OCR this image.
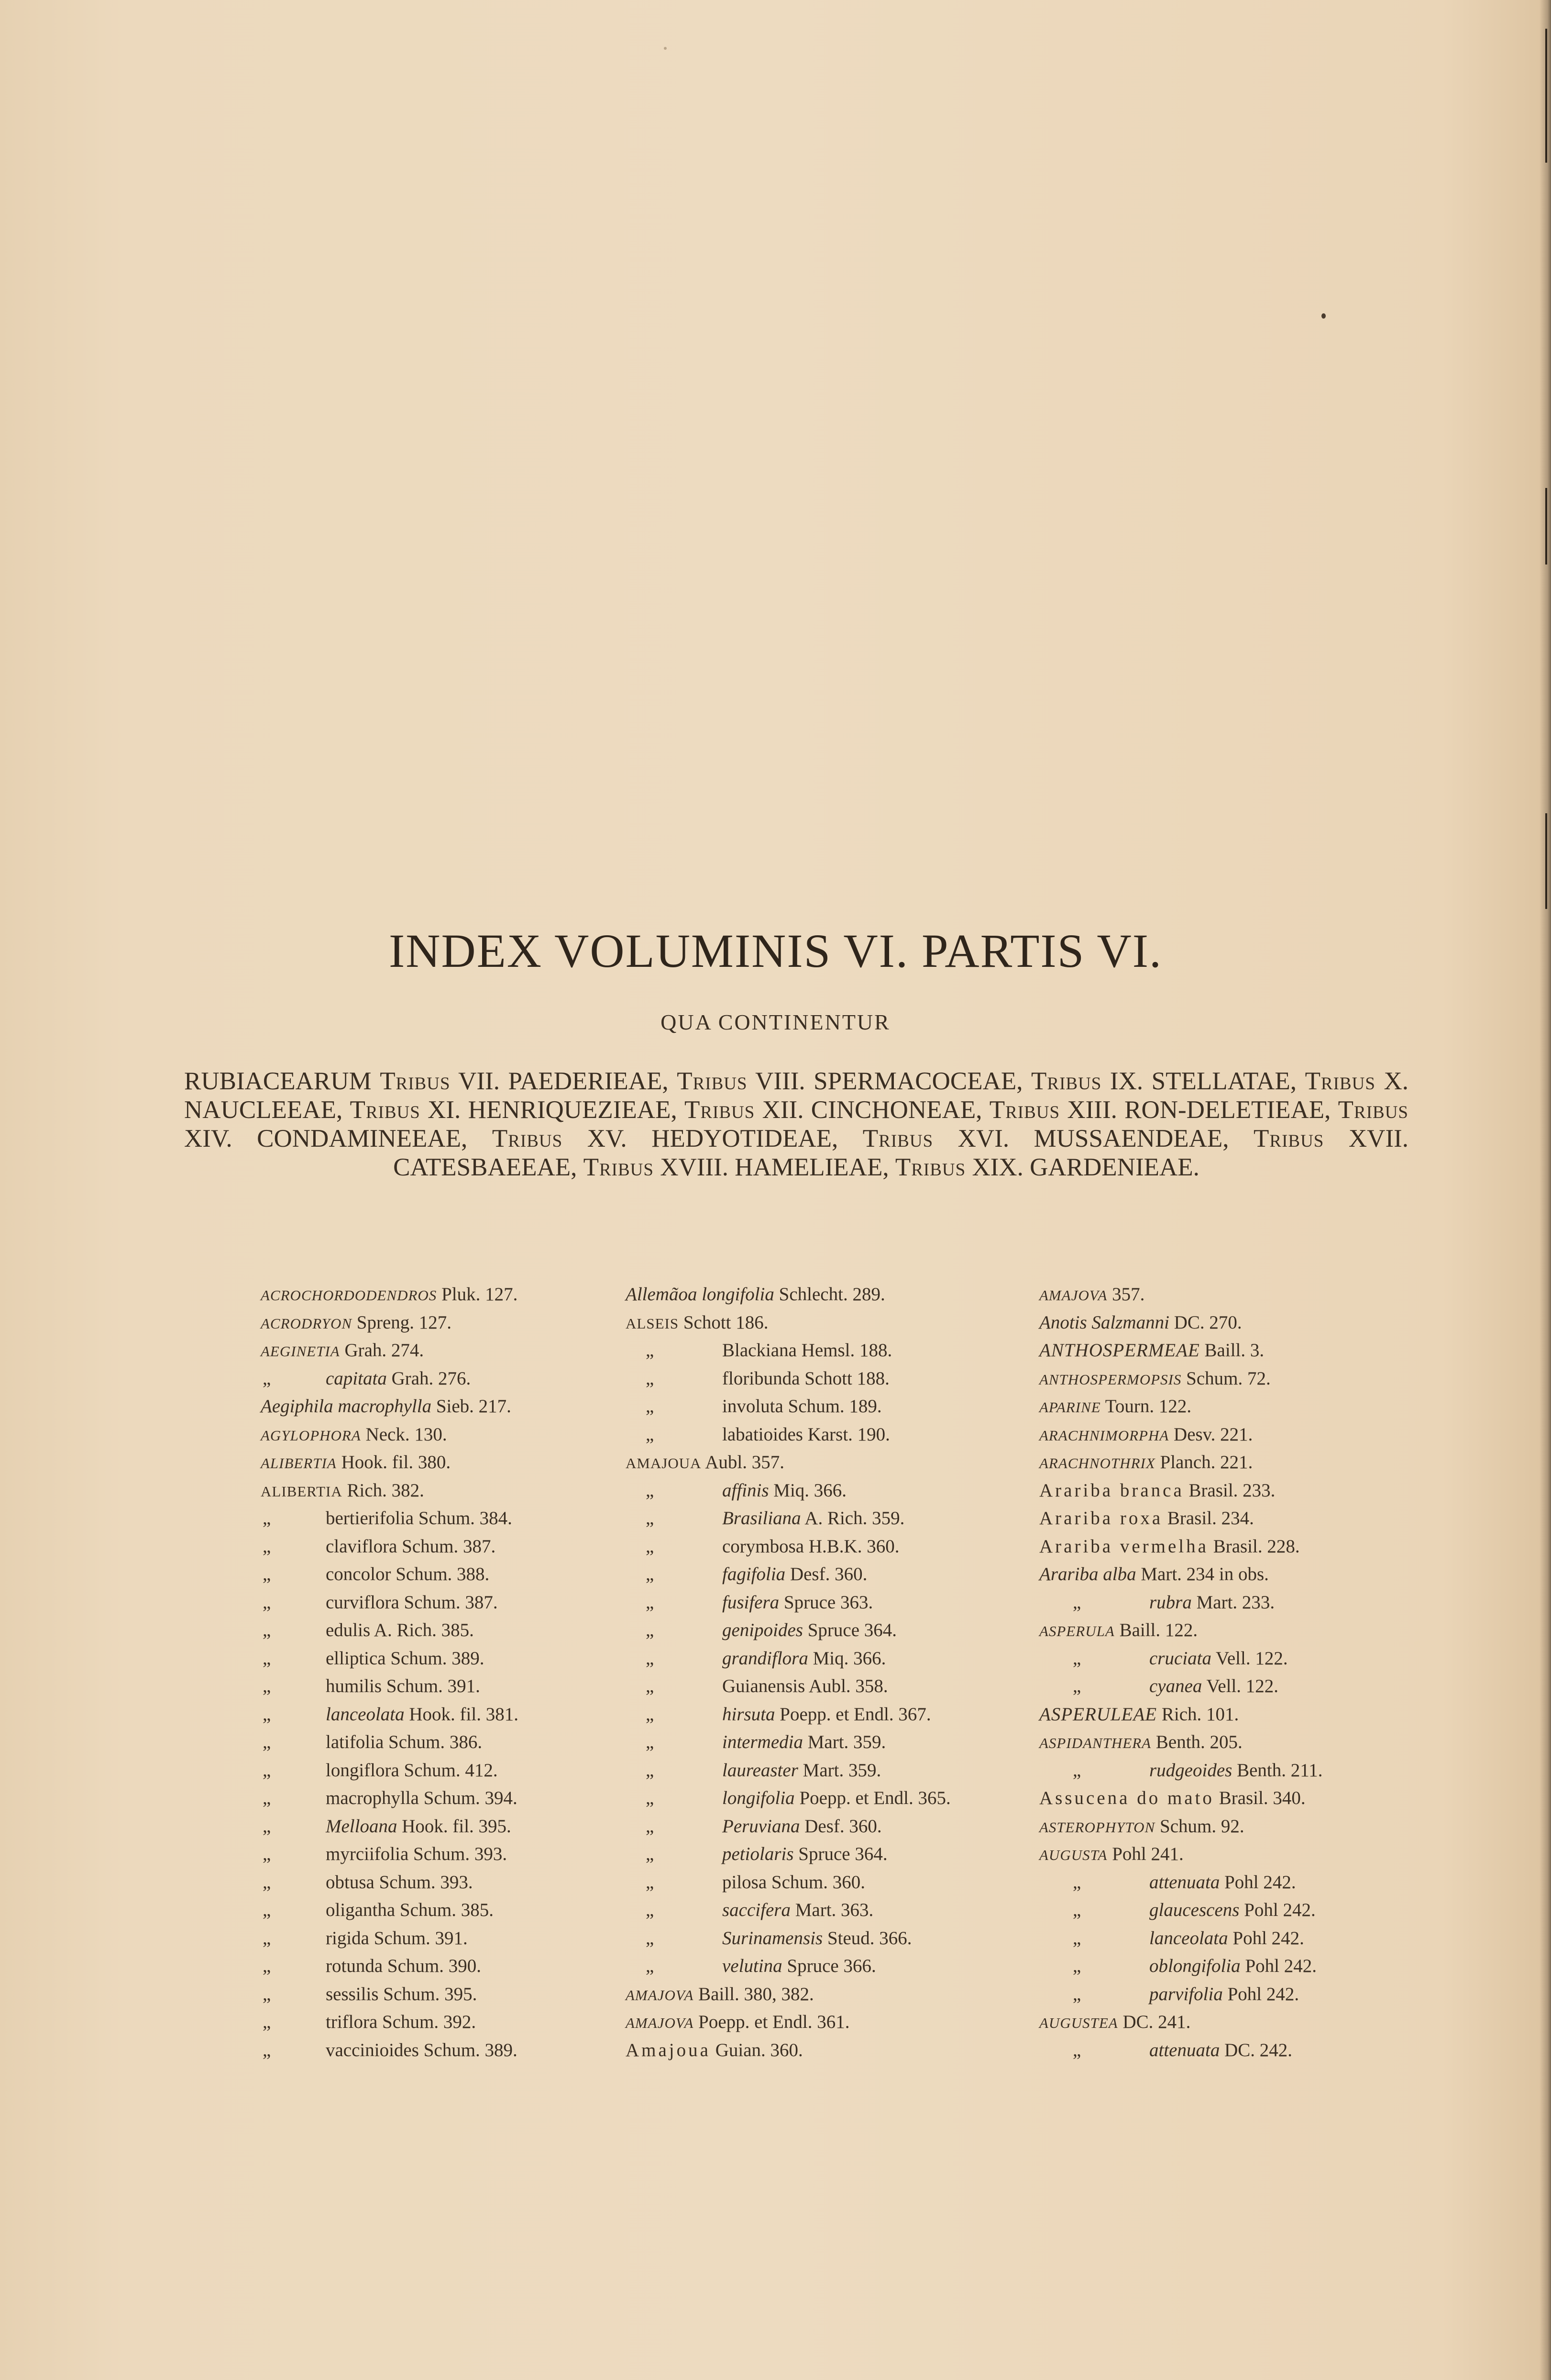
INDEX VOLUMINIS VI. PARTIS VI.
QUA CONTINENTUR
RUBIACEARUM Tribus VII. PAEDERIEAE, Tribus VIII. SPERMACOCEAE, Tribus IX. STELLATAE, Tribus X. NAUCLEEAE, Tribus XI. HENRIQUEZIEAE, Tribus XII. CINCHONEAE, Tribus XIII. RON-DELETIEAE, Tribus XIV. CONDAMINEEAE, Tribus XV. HEDYOTIDEAE, Tribus XVI. MUSSAENDEAE, Tribus XVII. CATESBAEEAE, Tribus XVIII. HAMELIEAE, Tribus XIX. GARDENIEAE.
ACROCHORDODENDROS Pluk. 127.
ACRODRYON Spreng. 127.
AEGINETIA Grah. 274.
„	capitata Grah. 276.
Aegiphila macrophylla Sieb. 217.
AGYLOPHORA Neck. 130.
ALIBERTIA Hook. fil. 380.
ALIBERTIA Rich. 382.
„	bertierifolia Schum. 384.
„	claviflora Schum. 387.
„	concolor Schum. 388.
„	curviflora Schum. 387.
„	edulis A. Rich. 385.
„	elliptica Schum. 389.
„	humilis Schum. 391.
„	lanceolata Hook. fil. 381.
„	latifolia Schum. 386.
„	longiflora Schum. 412.
„	macrophylla Schum. 394.
„	Melloana Hook. fil. 395.
„	myrciifolia Schum. 393.
„	obtusa Schum. 393.
„	oligantha Schum. 385.
„	rigida Schum. 391.
„	rotunda Schum. 390.
„	sessilis Schum. 395.
„	triflora Schum. 392.
„	vaccinioides Schum. 389.
Allemãoa longifolia Schlecht. 289.
ALSEIS Schott 186.
„	Blackiana Hemsl. 188.
„	floribunda Schott 188.
„	involuta Schum. 189.
„	labatioides Karst. 190.
AMAJOUA Aubl. 357.
„	affinis Miq. 366.
„	Brasiliana A. Rich. 359.
„	corymbosa H.B.K. 360.
„	fagifolia Desf. 360.
„	fusifera Spruce 363.
„	genipoides Spruce 364.
„	grandiflora Miq. 366.
„	Guianensis Aubl. 358.
„	hirsuta Poepp. et Endl. 367.
„	intermedia Mart. 359.
„	laureaster Mart. 359.
„	longifolia Poepp. et Endl. 365.
„	Peruviana Desf. 360.
„	petiolaris Spruce 364.
„	pilosa Schum. 360.
„	saccifera Mart. 363.
„	Surinamensis Steud. 366.
„	velutina Spruce 366.
AMAJOVA Baill. 380, 382.
AMAJOVA Poepp. et Endl. 361.
Amajoua Guian. 360.
AMAJOVA 357.
Anotis Salzmanni DC. 270.
ANTHOSPERMEAE Baill. 3.
ANTHOSPERMOPSIS Schum. 72.
APARINE Tourn. 122.
ARACHNIMORPHA Desv. 221.
ARACHNOTHRIX Planch. 221.
Arariba branca Brasil. 233.
Arariba roxa Brasil. 234.
Arariba vermelha Brasil. 228.
Arariba alba Mart. 234 in obs.
„	rubra Mart. 233.
ASPERULA Baill. 122.
„	cruciata Vell. 122.
„	cyanea Vell. 122.
ASPERULEAE Rich. 101.
ASPIDANTHERA Benth. 205.
„	rudgeoides Benth. 211.
Assucena do mato Brasil. 340.
ASTEROPHYTON Schum. 92.
AUGUSTA Pohl 241.
„	attenuata Pohl 242.
„	glaucescens Pohl 242.
„	lanceolata Pohl 242.
„	oblongifolia Pohl 242.
„	parvifolia Pohl 242.
AUGUSTEA DC. 241.
„	attenuata DC. 242.
